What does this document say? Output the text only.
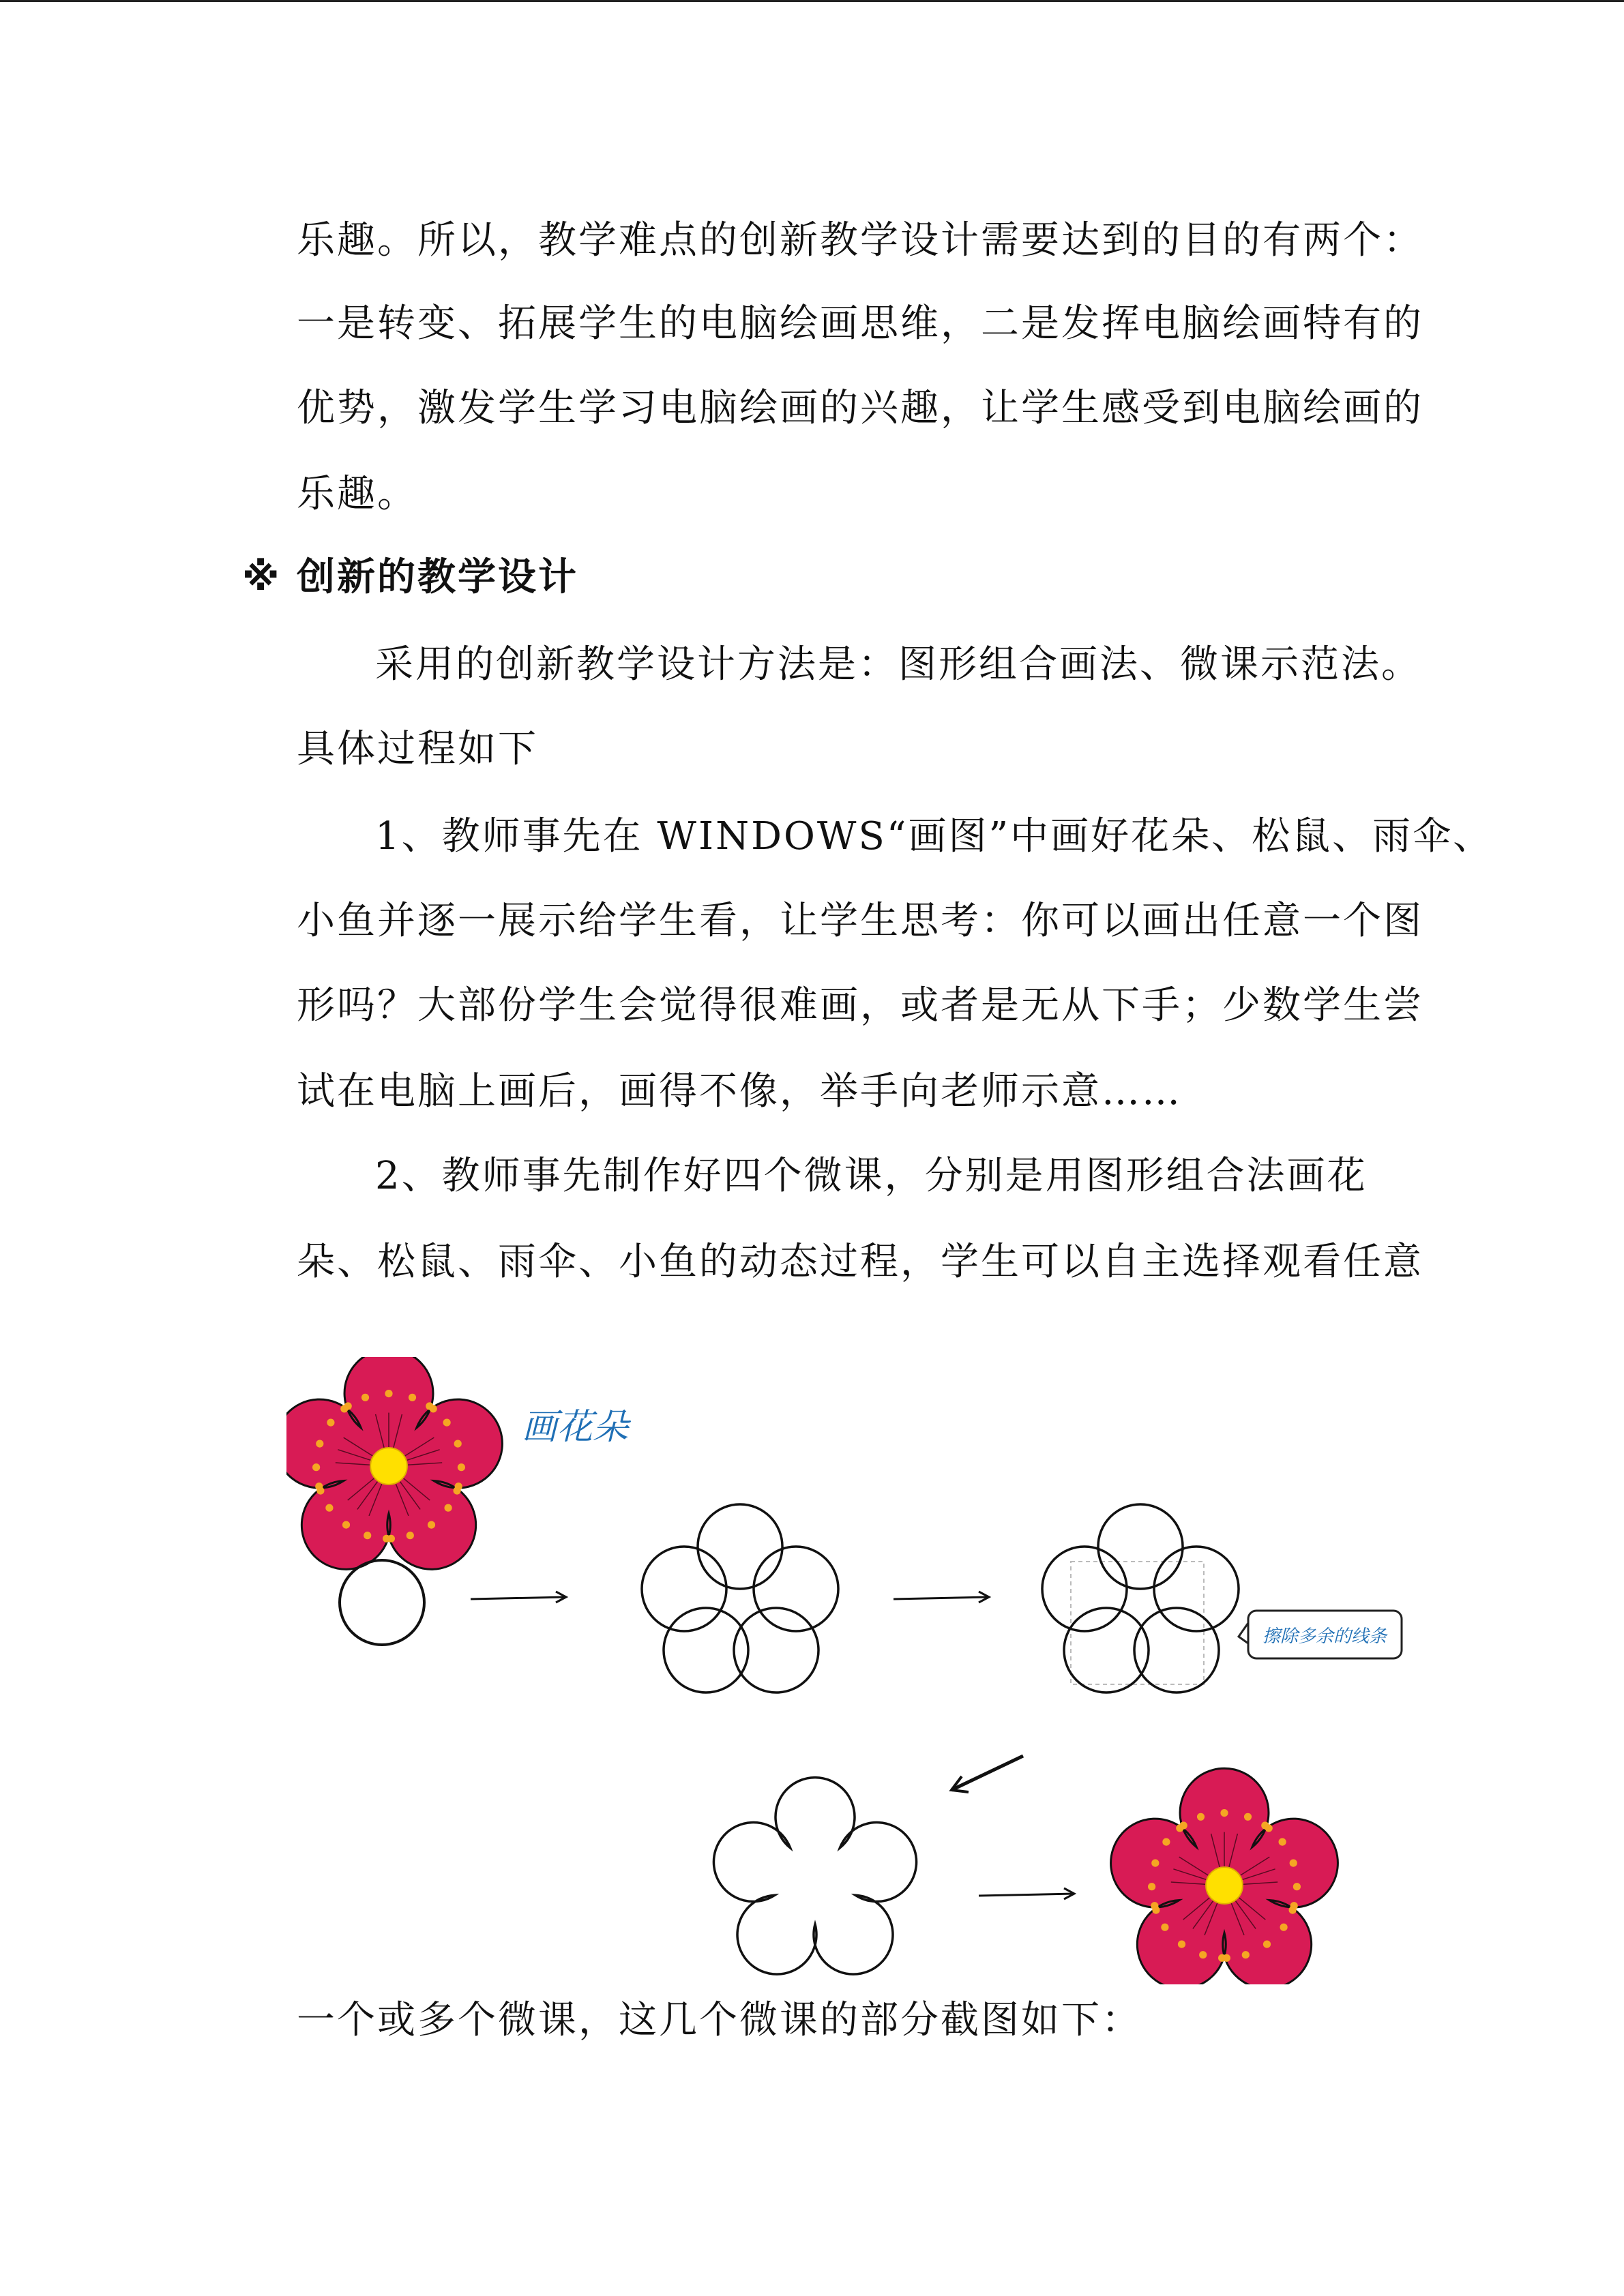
乐趣。所以，教学难点的创新教学设计需要达到的目的有两个：
一是转变、拓展学生的电脑绘画思维，二是发挥电脑绘画特有的
优势，激发学生学习电脑绘画的兴趣，让学生感受到电脑绘画的
乐趣。
※ 创新的教学设计
采用的创新教学设计方法是：图形组合画法、微课示范法。
具体过程如下
1、教师事先在 WINDOWS“画图”中画好花朵、松鼠、雨伞、
小鱼并逐一展示给学生看，让学生思考：你可以画出任意一个图
形吗？大部份学生会觉得很难画，或者是无从下手；少数学生尝
试在电脑上画后，画得不像，举手向老师示意……
2、教师事先制作好四个微课，分别是用图形组合法画花
朵、松鼠、雨伞、小鱼的动态过程，学生可以自主选择观看任意
一个或多个微课，这几个微课的部分截图如下：
画花朵
擦除多余的线条
